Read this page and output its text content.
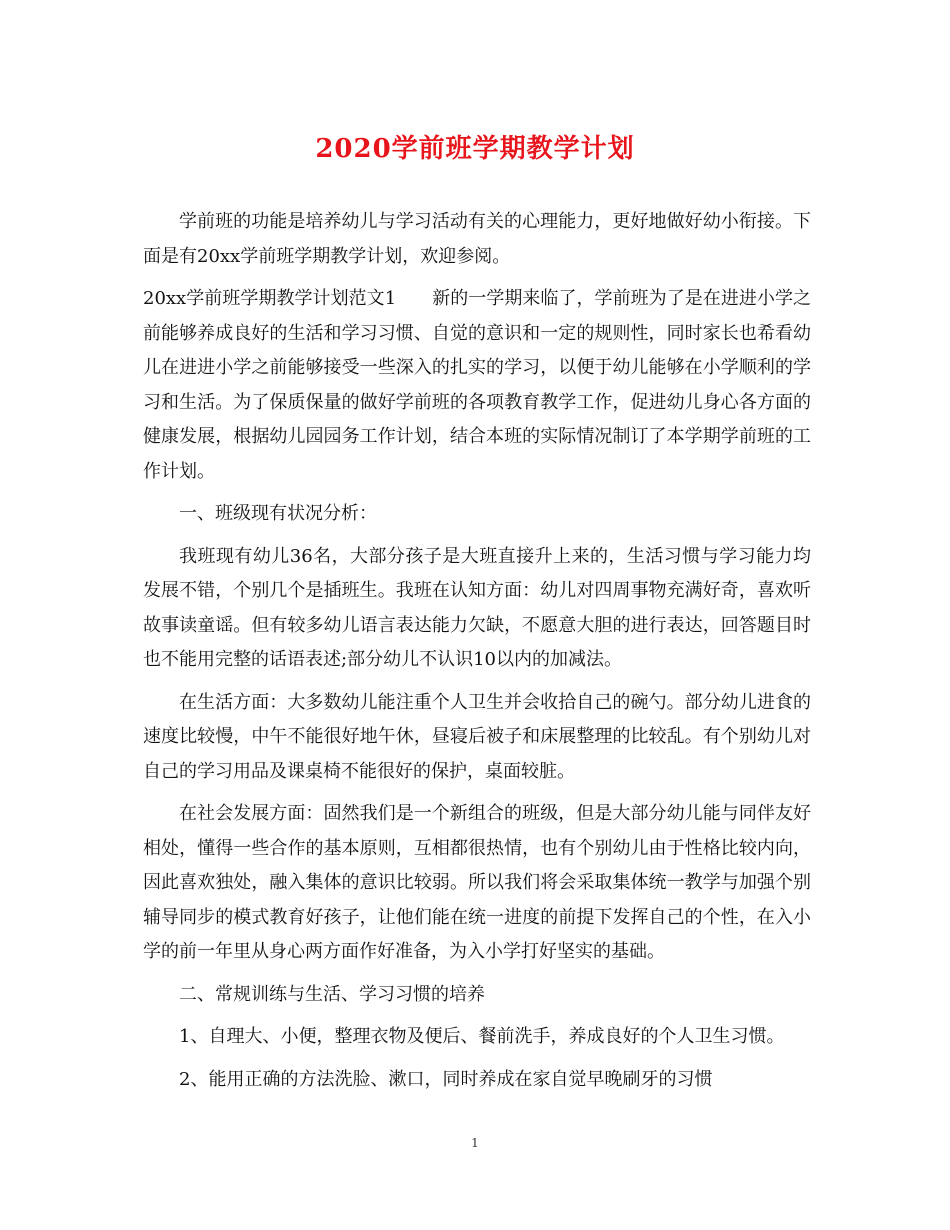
2020学前班学期教学计划

学前班的功能是培养幼儿与学习活动有关的心理能力，更好地做好幼小衔接。下面是有20xx学前班学期教学计划，欢迎参阅。

20xx学前班学期教学计划范文1 新的一学期来临了，学前班为了是在进进小学之前能够养成良好的生活和学习习惯、自觉的意识和一定的规则性，同时家长也希看幼儿在进进小学之前能够接受一些深入的扎实的学习，以便于幼儿能够在小学顺利的学习和生活。为了保质保量的做好学前班的各项教育教学工作，促进幼儿身心各方面的健康发展，根据幼儿园园务工作计划，结合本班的实际情况制订了本学期学前班的工作计划。

一、班级现有状况分析：

我班现有幼儿36名，大部分孩子是大班直接升上来的，生活习惯与学习能力均发展不错，个别几个是插班生。我班在认知方面：幼儿对四周事物充满好奇，喜欢听故事读童谣。但有较多幼儿语言表达能力欠缺，不愿意大胆的进行表达，回答题目时也不能用完整的话语表述;部分幼儿不认识10以内的加减法。

在生活方面：大多数幼儿能注重个人卫生并会收拾自己的碗勺。部分幼儿进食的速度比较慢，中午不能很好地午休，昼寝后被子和床展整理的比较乱。有个别幼儿对自己的学习用品及课桌椅不能很好的保护，桌面较脏。

在社会发展方面：固然我们是一个新组合的班级，但是大部分幼儿能与同伴友好相处，懂得一些合作的基本原则，互相都很热情，也有个别幼儿由于性格比较内向，因此喜欢独处，融入集体的意识比较弱。所以我们将会采取集体统一教学与加强个别辅导同步的模式教育好孩子，让他们能在统一进度的前提下发挥自己的个性，在入小学的前一年里从身心两方面作好准备，为入小学打好坚实的基础。

二、常规训练与生活、学习习惯的培养

1、自理大、小便，整理衣物及便后、餐前洗手，养成良好的个人卫生习惯。

2、能用正确的方法洗脸、漱口，同时养成在家自觉早晚刷牙的习惯

1
